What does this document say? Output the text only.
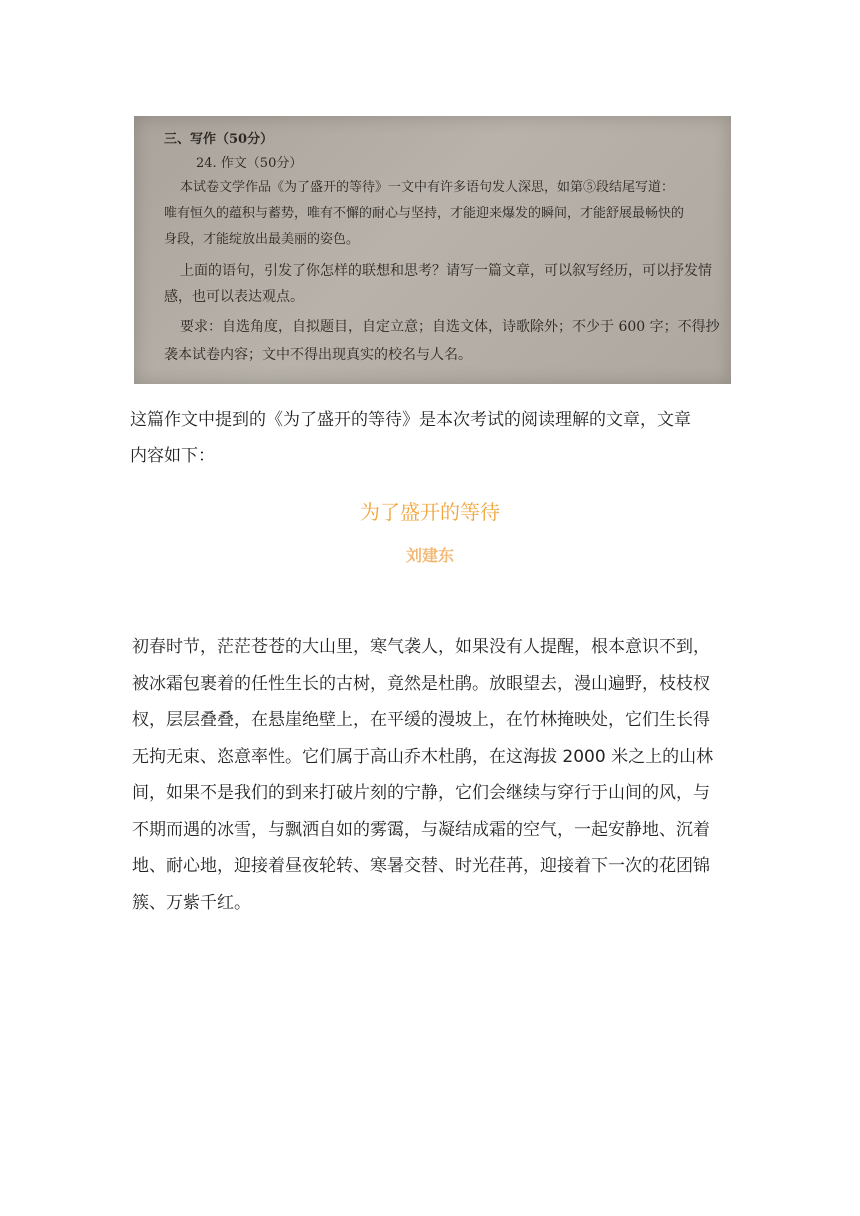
三、写作（50分）
24. 作文（50分）
本试卷文学作品《为了盛开的等待》一文中有许多语句发人深思，如第⑤段结尾写道：
唯有恒久的蕴积与蓄势，唯有不懈的耐心与坚持，才能迎来爆发的瞬间，才能舒展最畅快的
身段，才能绽放出最美丽的姿色。
上面的语句，引发了你怎样的联想和思考？请写一篇文章，可以叙写经历，可以抒发情
感，也可以表达观点。
要求：自选角度，自拟题目，自定立意；自选文体，诗歌除外；不少于 600 字；不得抄
袭本试卷内容；文中不得出现真实的校名与人名。
这篇作文中提到的《为了盛开的等待》是本次考试的阅读理解的文章，文章
内容如下：
为了盛开的等待
刘建东
初春时节，茫茫苍苍的大山里，寒气袭人，如果没有人提醒，根本意识不到，
被冰霜包裹着的任性生长的古树，竟然是杜鹃。放眼望去，漫山遍野，枝枝杈
杈，层层叠叠，在悬崖绝壁上，在平缓的漫坡上，在竹林掩映处，它们生长得
无拘无束、恣意率性。它们属于高山乔木杜鹃，在这海拔 2000 米之上的山林
间，如果不是我们的到来打破片刻的宁静，它们会继续与穿行于山间的风，与
不期而遇的冰雪，与飘洒自如的雾霭，与凝结成霜的空气，一起安静地、沉着
地、耐心地，迎接着昼夜轮转、寒暑交替、时光荏苒，迎接着下一次的花团锦
簇、万紫千红。
